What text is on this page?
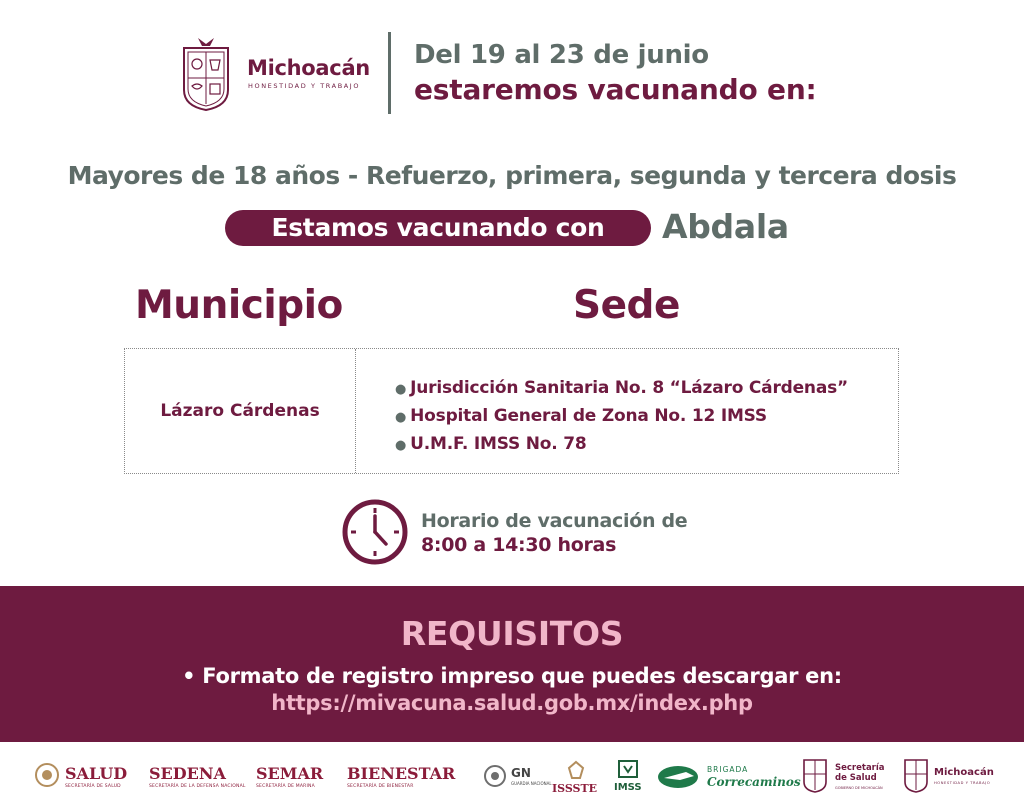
Michoacán
HONESTIDAD Y TRABAJO
Del 19 al 23 de junio
estaremos vacunando en:
Mayores de 18 años - Refuerzo, primera, segunda y tercera dosis
Estamos vacunando con	Abdala
Municipio	Sede
Lázaro Cárdenas
● Jurisdicción Sanitaria No. 8 “Lázaro Cárdenas”
● Hospital General de Zona No. 12 IMSS
● U.M.F. IMSS No. 78
Horario de vacunación de
8:00 a 14:30 horas
REQUISITOS
• Formato de registro impreso que puedes descargar en:
https://mivacuna.salud.gob.mx/index.php
SALUD
SECRETARÍA DE SALUD
SEDENA
SECRETARÍA DE LA DEFENSA NACIONAL
SEMAR
SECRETARÍA DE MARINA
BIENESTAR
SECRETARÍA DE BIENESTAR
GN
GUARDIA NACIONAL ISSSTE IMSS
BRIGADA
Correcaminos
Secretaría de Salud
GOBIERNO DE MICHOACÁN
Michoacán
HONESTIDAD Y TRABAJO
